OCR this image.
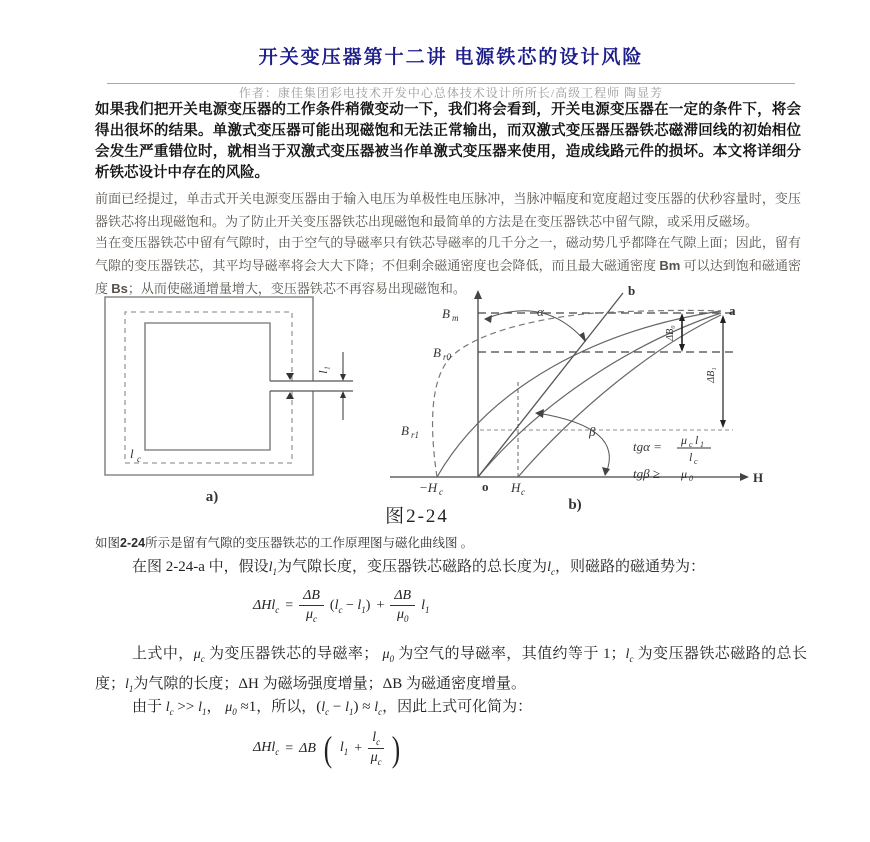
开关变压器第十二讲 电源铁芯的设计风险
作者：康佳集团彩电技术开发中心总体技术设计所所长/高级工程师 陶显芳

如果我们把开关电源变压器的工作条件稍微变动一下，我们将会看到，开关电源变压器在一定的条件下，将会得出很坏的结果。单激式变压器可能出现磁饱和无法正常输出，而双激式变压器压器铁芯磁滞回线的初始相位会发生严重错位时，就相当于双激式变压器被当作单激式变压器来使用，造成线路元件的损坏。本文将详细分析铁芯设计中存在的风险。

前面已经提过，单击式开关电源变压器由于输入电压为单极性电压脉冲，当脉冲幅度和宽度超过变压器的伏秒容量时，变压器铁芯将出现磁饱和。为了防止开关变压器铁芯出现磁饱和最简单的方法是在变压器铁芯中留气隙，或采用反磁场。

当在变压器铁芯中留有气隙时，由于空气的导磁率只有铁芯导磁率的几千分之一，磁动势几乎都降在气隙上面；因此，留有气隙的变压器铁芯，其平均导磁率将会大大下降；不但剩余磁通密度也会降低，而且最大磁通密度 Bm 可以达到饱和磁通密度 Bs；从而使磁通增量增大，变压器铁芯不再容易出现磁饱和。

l₁
l c
a)
α
β
ΔB₀
ΔB₁
B m
B r0
B r1
−H c	o H c
H
a
b
tgα = μ c l 1
l c
tgβ ≥ μ 0
b)
图2-24

如图2-24所示是留有气隙的变压器铁芯的工作原理图与磁化曲线图 。

在图 2-24-a 中，假设$l_1$为气隙长度，变压器铁芯磁路的总长度为$l_c$，则磁路的磁通势为：

$\Delta Hl_c = \frac{\Delta B}{\mu_c} (l_c - l_1) + \frac{\Delta B}{\mu_0} l_1$

上式中，$\mu_c$ 为变压器铁芯的导磁率； $\mu_0$ 为空气的导磁率，其值约等于 1；$l_c$ 为变压器铁芯磁路的总长度；$l_1$为气隙的长度；ΔH 为磁场强度增量；ΔB 为磁通密度增量。

由于 $l_c >> l_1$， $\mu_0 \approx 1$，所以，$(l_c - l_1) \approx l_c$，因此上式可化简为：

ΔHl$_c$ = ΔB ( $l_1 + \frac{l_c}{\mu_c}$ )
